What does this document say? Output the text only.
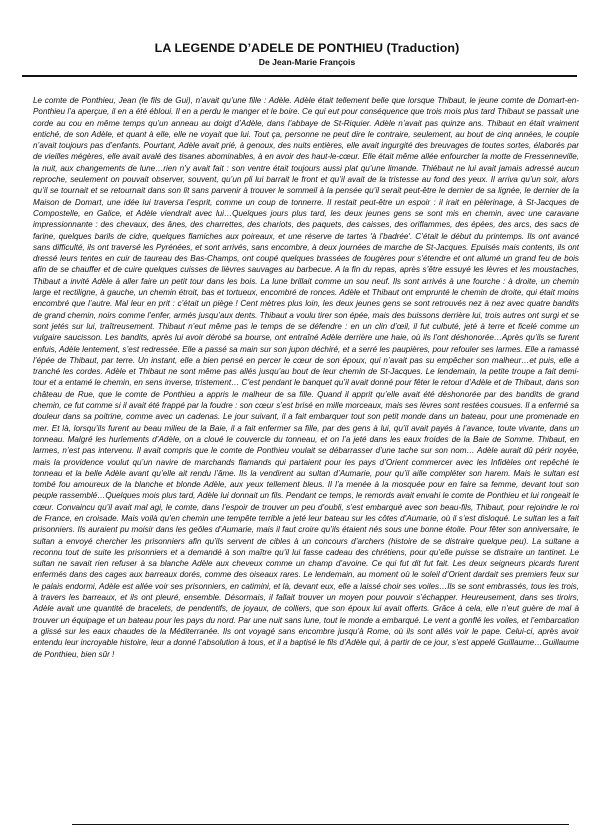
LA LEGENDE D’ADELE DE PONTHIEU (Traduction)
De Jean-Marie François

Le comte de Ponthieu, Jean (le fils de Gui), n’avait qu’une fille : Adèle. Adèle était tellement belle que lorsque Thibaut, le jeune comte de Domart-en-Ponthieu l’a aperçue, il en a été ébloui. Il en a perdu le manger et le boire. Ce qui eut pour conséquence que trois mois plus tard Thibaut se passait une corde au cou en même temps qu’un anneau au doigt d’Adèle, dans l’abbaye de St-Riquier. Adèle n’avait pas quinze ans. Thibaut en était vraiment entiché, de son Adèle, et quant à elle, elle ne voyait que lui. Tout ça, personne ne peut dire le contraire, seulement, au bout de cinq années, le couple n’avait toujours pas d’enfants. Pourtant, Adèle avait prié, à genoux, des nuits entières, elle avait ingurgité des breuvages de toutes sortes, élaborés par de vieilles mégères, elle avait avalé des tisanes abominables, à en avoir des haut-le-cœur. Elle était même allée enfourcher la motte de Fressenneville, la nuit, aux changements de lune…rien n’y avait fait : son ventre était toujours aussi plat qu’une limande. Thiébaut ne lui avait jamais adressé aucun reproche, seulement on pouvait observer, souvent, qu’un pli lui barrait le front et qu’il avait de la tristesse au fond des yeux. Il arriva qu’un soir, alors qu’il se tournait et se retournait dans son lit sans parvenir à trouver le sommeil à la pensée qu’il serait peut-être le dernier de sa lignée, le dernier de la Maison de Domart, une idée lui traversa l’esprit, comme un coup de tonnerre. Il restait peut-être un espoir : il irait en pèlerinage, à St-Jacques de Compostelle, en Galice, et Adèle viendrait avec lui…Quelques jours plus tard, les deux jeunes gens se sont mis en chemin, avec une caravane impressionnante : des chevaux, des ânes, des charrettes, des chariots, des paquets, des caisses, des oriflammes, des épées, des arcs, des sacs de farine, quelques barils de cidre, quelques flamiches aux poireaux, et une réserve de tartes 'à l’badrée'. C’était le début du printemps. Ils ont avancé sans difficulté, ils ont traversé les Pyrénées, et sont arrivés, sans encombre, à deux journées de marche de St-Jacques. Epuisés mais contents, ils ont dressé leurs tentes en cuir de taureau des Bas-Champs, ont coupé quelques brassées de fougères pour s’étendre et ont allumé un grand feu de bois afin de se chauffer et de cuire quelques cuisses de lièvres sauvages au barbecue. A la fin du repas, après s’être essuyé les lèvres et les moustaches, Thibaut a invité Adèle à aller faire un petit tour dans les bois. La lune brillait comme un sou neuf. Ils sont arrivés à une fourche : à droite, un chemin large et rectiligne, à gauche, un chemin étroit, bas et tortueux, encombré de ronces. Adèle et Thibaut ont emprunté le chemin de droite, qui était moins encombré que l’autre. Mal leur en prit : c’était un piège ! Cent mètres plus loin, les deux jeunes gens se sont retrouvés nez à nez avec quatre bandits de grand chemin, noirs comme l’enfer, armés jusqu’aux dents. Thibaut a voulu tirer son épée, mais des buissons derrière lui, trois autres ont surgi et se sont jetés sur lui, traîtreusement. Thibaut n’eut même pas le temps de se défendre : en un clin d’œil, il fut culbuté, jeté à terre et ficelé comme un vulgaire saucisson. Les bandits, après lui avoir dérobé sa bourse, ont entraîné Adèle derrière une haie, où ils l’ont déshonorée…Après qu’ils se furent enfuis, Adèle lentement, s’est redressée. Elle a passé sa main sur son jupon déchiré, et a serré les paupières, pour refouler ses larmes. Elle a ramassé l’épée de Thibaut, par terre. Un instant, elle a bien pensé en percer le cœur de son époux, qui n’avait pas su empêcher son malheur…et puis, elle a tranché les cordes. Adèle et Thibaut ne sont même pas allés jusqu’au bout de leur chemin de St-Jacques. Le lendemain, la petite troupe a fait demi-tour et a entamé le chemin, en sens inverse, tristement… C’est pendant le banquet qu’il avait donné pour fêter le retour d’Adèle et de Thibaut, dans son château de Rue, que le comte de Ponthieu a appris le malheur de sa fille. Quand il apprit qu’elle avait été déshonorée par des bandits de grand chemin, ce fut comme si il avait été frappé par la foudre : son cœur s’est brisé en mille morceaux, mais ses lèvres sont restées cousues. Il a enfermé sa douleur dans sa poitrine, comme avec un cadenas. Le jour suivant, il a fait embarquer tout son petit monde dans un bateau, pour une promenade en mer. Et là, lorsqu’ils furent au beau milieu de la Baie, il a fait enfermer sa fille, par des gens à lui, qu’il avait payés à l’avance, toute vivante, dans un tonneau. Malgré les hurlements d’Adèle, on a cloué le couvercle du tonneau, et on l’a jeté dans les eaux froides de la Baie de Somme. Thibaut, en larmes, n’est pas intervenu. Il avait compris que le comte de Ponthieu voulait se débarrasser d’une tache sur son nom… Adèle aurait dû périr noyée, mais la providence voulut qu’un navire de marchands flamands qui partaient pour les pays d’Orient commercer avec les Infidèles ont repêché le tonneau et la belle Adèle avant qu’elle ait rendu l’âme. Ils la vendirent au sultan d’Aumarie, pour qu’il aille compléter son harem. Mais le sultan est tombé fou amoureux de la blanche et blonde Adèle, aux yeux tellement bleus. Il l’a menée à la mosquée pour en faire sa femme, devant tout son peuple rassemblé…Quelques mois plus tard, Adèle lui donnait un fils. Pendant ce temps, le remords avait envahi le comte de Ponthieu et lui rongeait le cœur. Convaincu qu’il avait mal agi, le comte, dans l’espoir de trouver un peu d’oubli, s’est embarqué avec son beau-fils, Thibaut, pour rejoindre le roi de France, en croisade. Mais voilà qu’en chemin une tempête terrible a jeté leur bateau sur les côtes d’Aumarie, où il s’est disloqué. Le sultan les a fait prisonniers. Ils auraient pu moisir dans les geôles d’Aumarie, mais il faut croire qu’ils étaient nés sous une bonne étoile. Pour fêter son anniversaire, le sultan a envoyé chercher les prisonniers afin qu’ils servent de cibles à un concours d’archers (histoire de se distraire quelque peu). La sultane a reconnu tout de suite les prisonniers et a demandé à son maître qu’il lui fasse cadeau des chrétiens, pour qu’elle puisse se distraire un tantinet. Le sultan ne savait rien refuser à sa blanche Adèle aux cheveux comme un champ d’avoine. Ce qui fut dit fut fait. Les deux seigneurs picards furent enfermés dans des cages aux barreaux dorés, comme des oiseaux rares. Le lendemain, au moment où le soleil d’Orient dardait ses premiers feux sur le palais endormi, Adèle est allée voir ses prisonniers, en catimini, et là, devant eux, elle a laissé choir ses voiles…Ils se sont embrassés, tous les trois, à travers les barreaux, et ils ont pleuré, ensemble. Désormais, il fallait trouver un moyen pour pouvoir s’échapper. Heureusement, dans ses tiroirs, Adèle avait une quantité de bracelets, de pendentifs, de joyaux, de colliers, que son époux lui avait offerts. Grâce à cela, elle n’eut guère de mal à trouver un équipage et un bateau pour les pays du nord. Par une nuit sans lune, tout le monde a embarqué. Le vent a gonflé les voiles, et l’embarcation a glissé sur les eaux chaudes de la Méditerranée. Ils ont voyagé sans encombre jusqu’à Rome, où ils sont allés voir le pape. Celui-ci, après avoir entendu leur incroyable histoire, leur a donné l’absolution à tous, et il a baptisé le fils d’Adèle qui, à partir de ce jour, s’est appelé Guillaume…Guillaume de Ponthieu, bien sûr !
